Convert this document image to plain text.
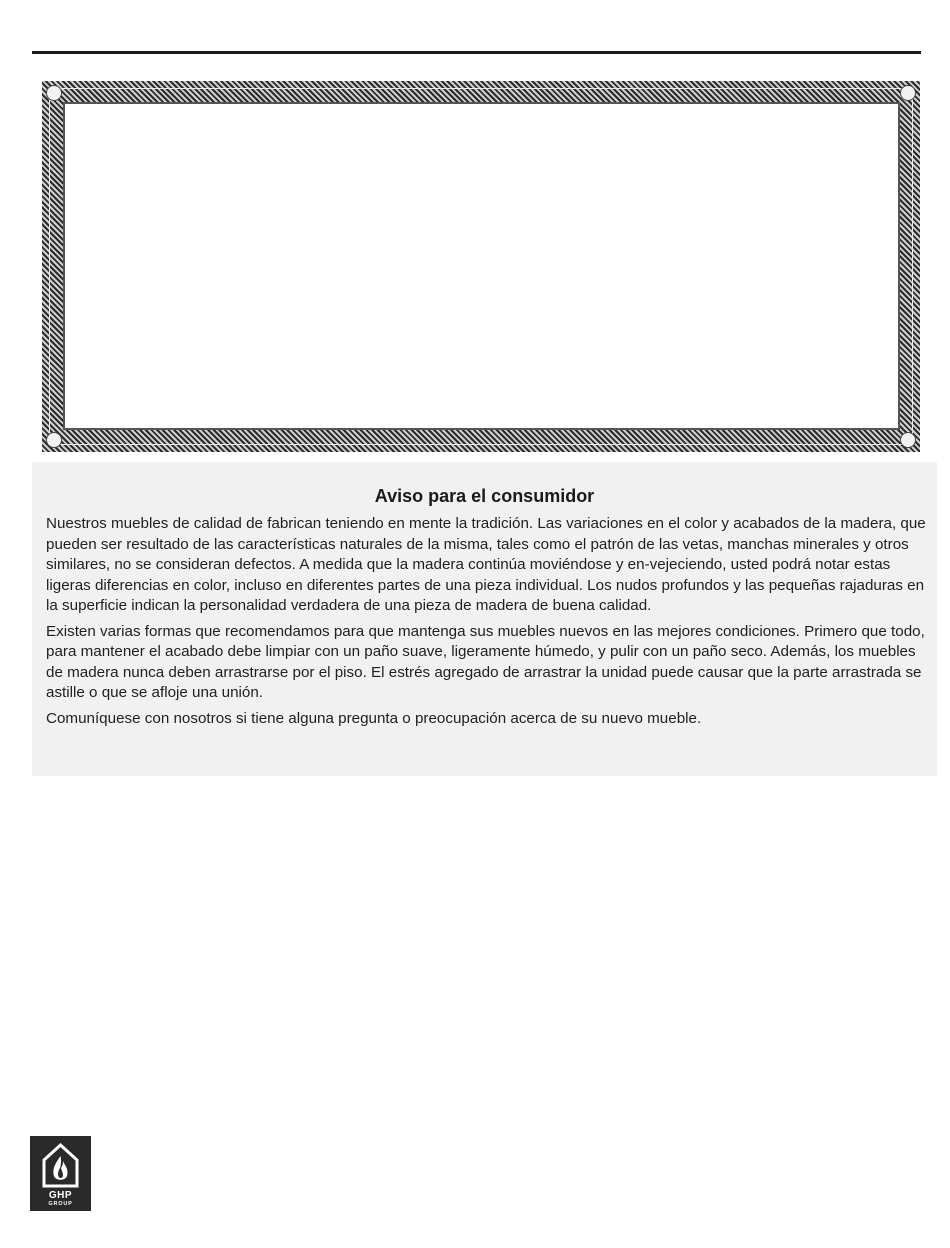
Aviso para el consumidor

Nuestros muebles de calidad de fabrican teniendo en mente la tradición. Las variaciones en el color y acabados de la madera, que pueden ser resultado de las características naturales de la misma, tales como el patrón de las vetas, manchas minerales y otros similares, no se consideran defectos. A medida que la madera continúa moviéndose y en-vejeciendo, usted podrá notar estas ligeras diferencias en color, incluso en diferentes partes de una pieza individual. Los nudos profundos y las pequeñas rajaduras en la superficie indican la personalidad verdadera de una pieza de madera de buena calidad.

Existen varias formas que recomendamos para que mantenga sus muebles nuevos en las mejores condiciones. Primero que todo, para mantener el acabado debe limpiar con un paño suave, ligeramente húmedo, y pulir con un paño seco. Además, los muebles de madera nunca deben arrastrarse por el piso. El estrés agregado de arrastrar la unidad puede causar que la parte arrastrada se astille o que se afloje una unión.

Comuníquese con nosotros si tiene alguna pregunta o preocupación acerca de su nuevo mueble.

GHP
GROUP
